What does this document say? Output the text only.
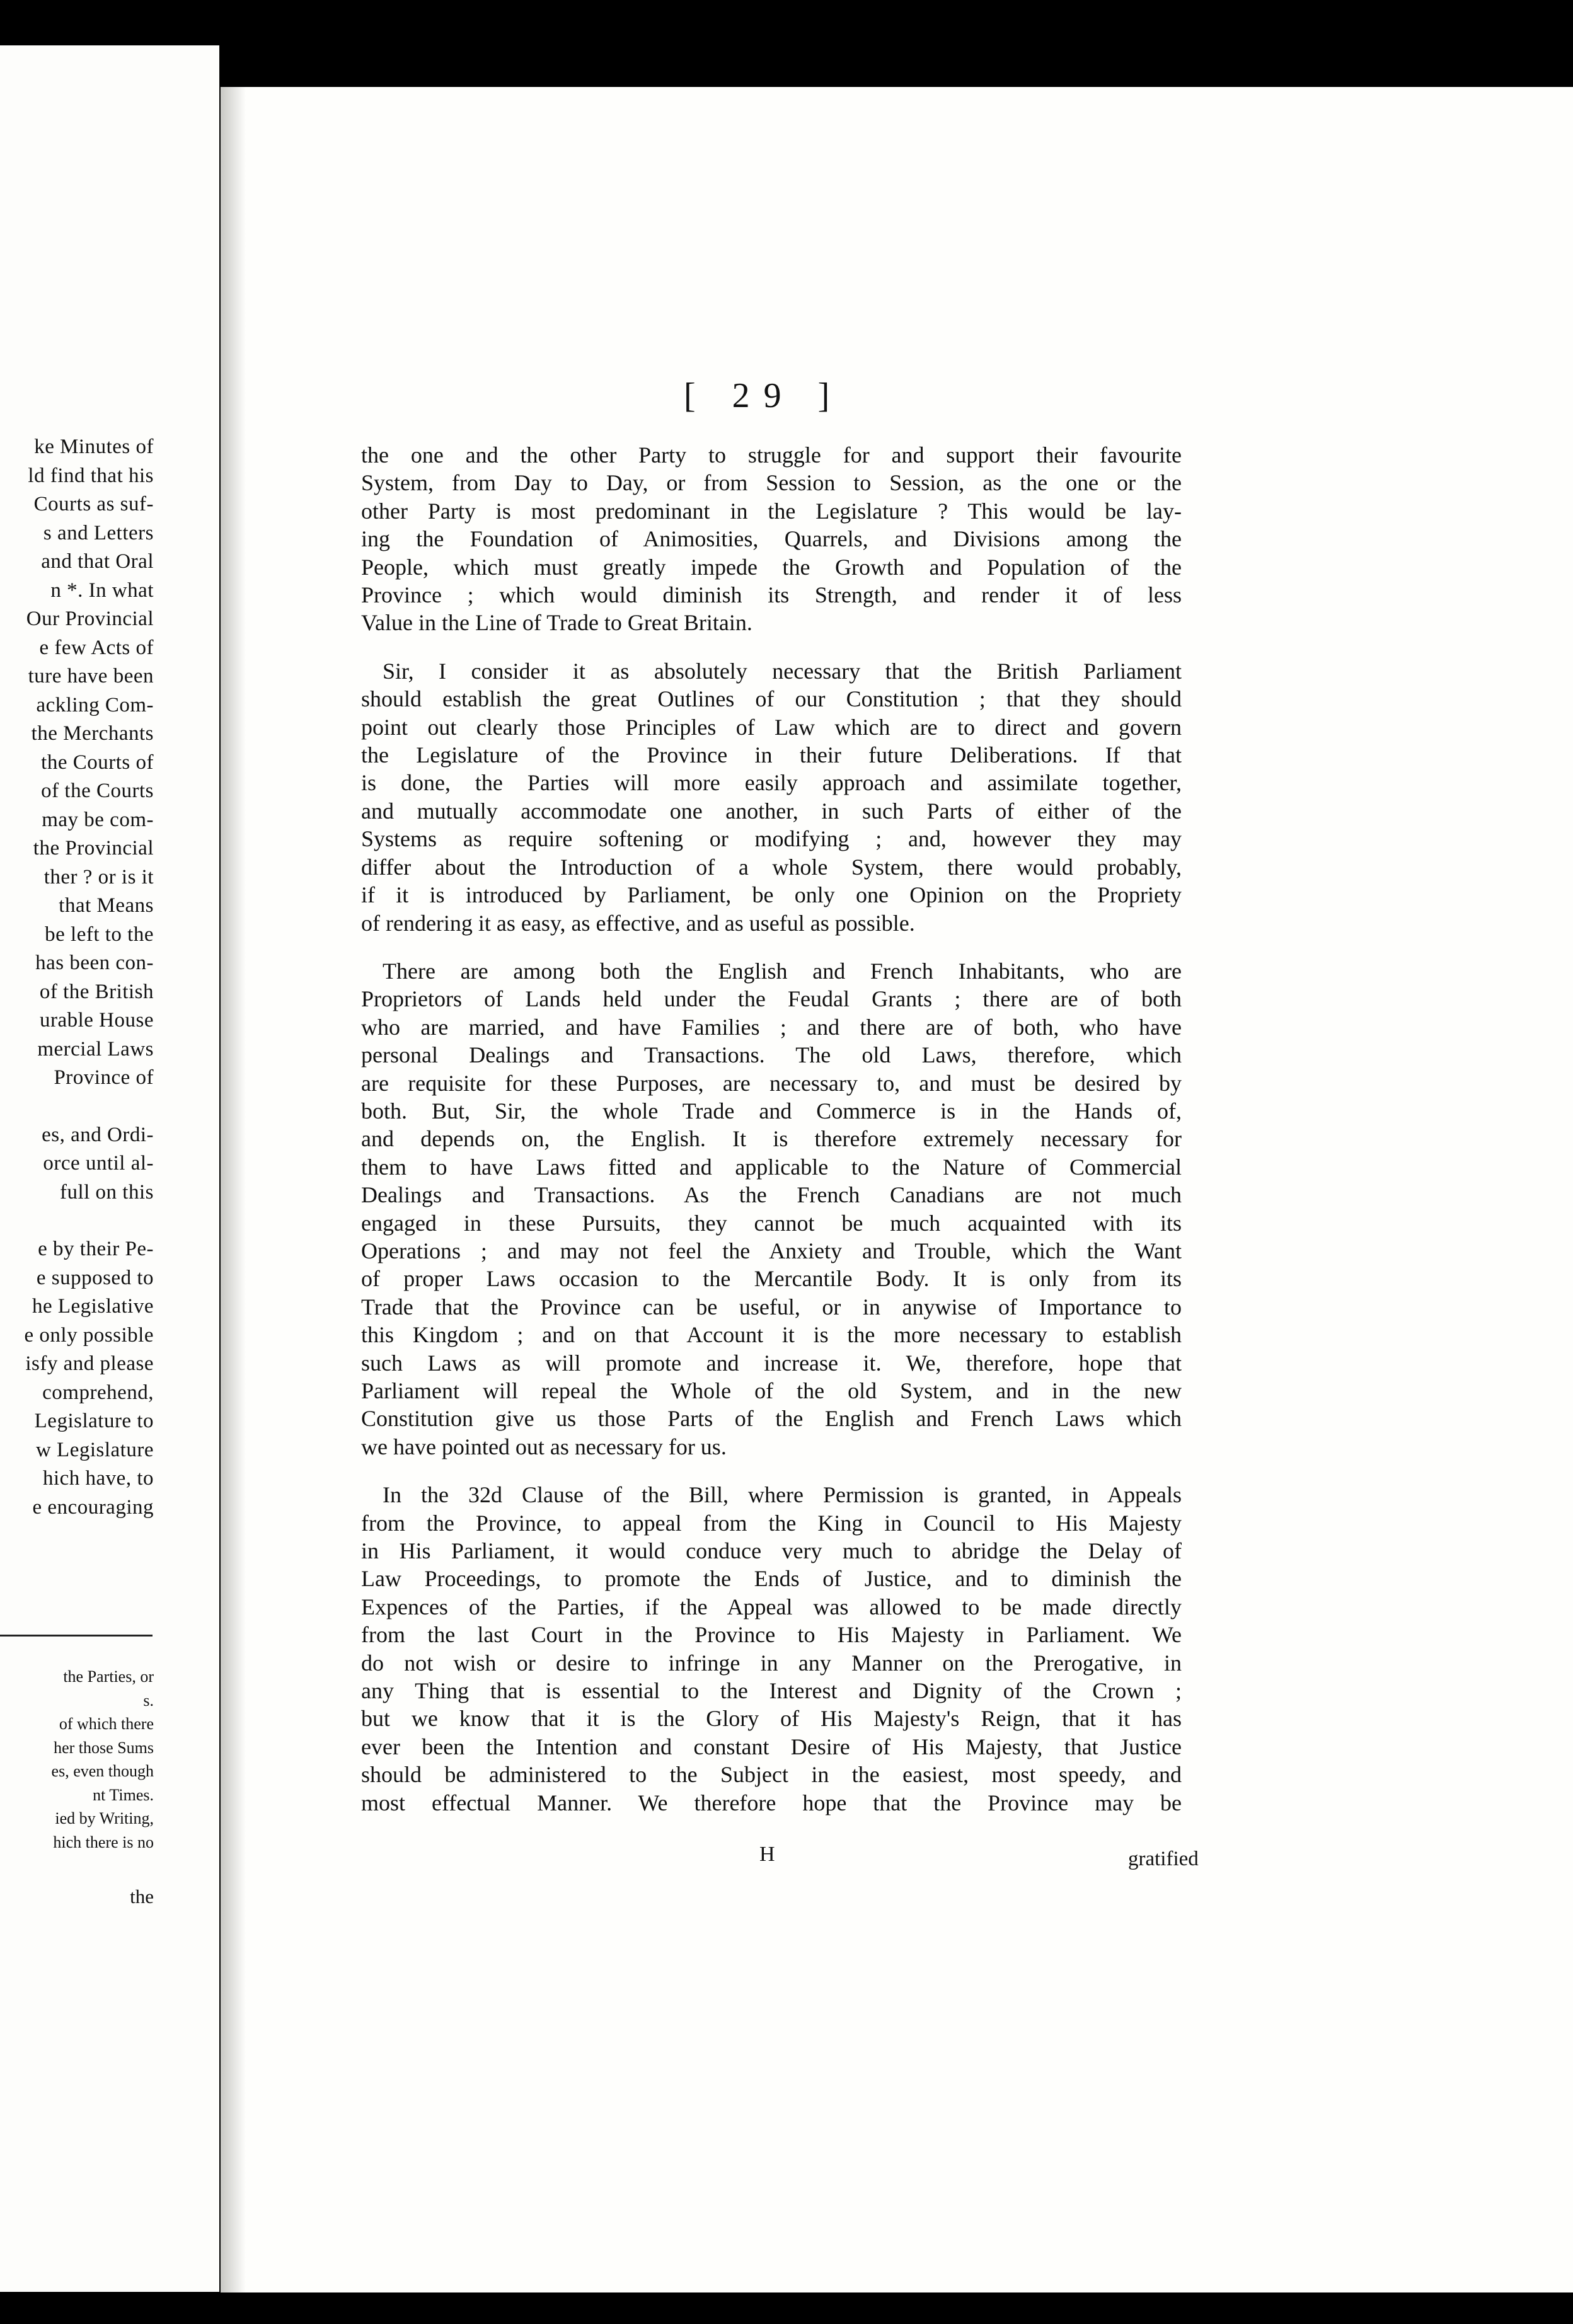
ke Minutes of
ld find that his
Courts as suf-
s and Letters
and that Oral
n *. In what
Our Provincial
e few Acts of
ture have been
ackling Com-
the Merchants
the Courts of
of the Courts
may be com-
the Provincial
ther ? or is it
that Means
be left to the
has been con-
of the British
urable House
mercial Laws
Province of
es, and Ordi-
orce until al-
full on this
e by their Pe-
e supposed to
he Legislative
e only possible
isfy and please
comprehend,
Legislature to
w Legislature
hich have, to
e encouraging
the Parties, or
s.
of which there
her those Sums
es, even though
nt Times.
ied by Writing,
hich there is no
the
[ 29 ]
the one and the other Party to struggle for and support their favourite
System, from Day to Day, or from Session to Session, as the one or the
other Party is most predominant in the Legislature ? This would be lay-
ing the Foundation of Animosities, Quarrels, and Divisions among the
People, which must greatly impede the Growth and Population of the
Province ; which would diminish its Strength, and render it of less
Value in the Line of Trade to Great Britain.
Sir, I consider it as absolutely necessary that the British Parliament
should establish the great Outlines of our Constitution ; that they should
point out clearly those Principles of Law which are to direct and govern
the Legislature of the Province in their future Deliberations. If that
is done, the Parties will more easily approach and assimilate together,
and mutually accommodate one another, in such Parts of either of the
Systems as require softening or modifying ; and, however they may
differ about the Introduction of a whole System, there would probably,
if it is introduced by Parliament, be only one Opinion on the Propriety
of rendering it as easy, as effective, and as useful as possible.
There are among both the English and French Inhabitants, who are
Proprietors of Lands held under the Feudal Grants ; there are of both
who are married, and have Families ; and there are of both, who have
personal Dealings and Transactions. The old Laws, therefore, which
are requisite for these Purposes, are necessary to, and must be desired by
both. But, Sir, the whole Trade and Commerce is in the Hands of,
and depends on, the English. It is therefore extremely necessary for
them to have Laws fitted and applicable to the Nature of Commercial
Dealings and Transactions. As the French Canadians are not much
engaged in these Pursuits, they cannot be much acquainted with its
Operations ; and may not feel the Anxiety and Trouble, which the Want
of proper Laws occasion to the Mercantile Body. It is only from its
Trade that the Province can be useful, or in anywise of Importance to
this Kingdom ; and on that Account it is the more necessary to establish
such Laws as will promote and increase it. We, therefore, hope that
Parliament will repeal the Whole of the old System, and in the new
Constitution give us those Parts of the English and French Laws which
we have pointed out as necessary for us.
In the 32d Clause of the Bill, where Permission is granted, in Appeals
from the Province, to appeal from the King in Council to His Majesty
in His Parliament, it would conduce very much to abridge the Delay of
Law Proceedings, to promote the Ends of Justice, and to diminish the
Expences of the Parties, if the Appeal was allowed to be made directly
from the last Court in the Province to His Majesty in Parliament. We
do not wish or desire to infringe in any Manner on the Prerogative, in
any Thing that is essential to the Interest and Dignity of the Crown ;
but we know that it is the Glory of His Majesty's Reign, that it has
ever been the Intention and constant Desire of His Majesty, that Justice
should be administered to the Subject in the easiest, most speedy, and
most effectual Manner. We therefore hope that the Province may be
H	gratified
